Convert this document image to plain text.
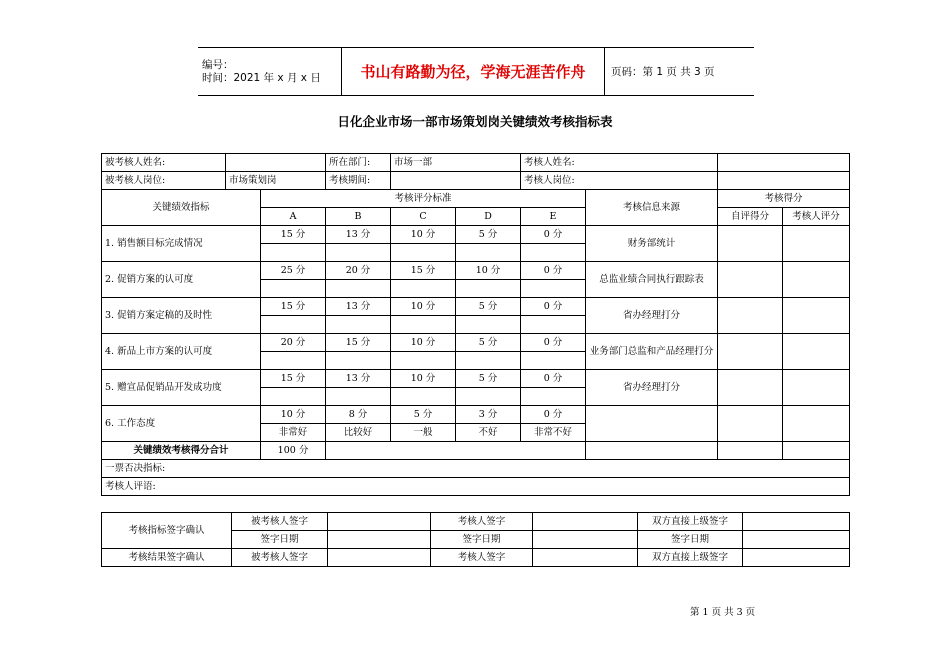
编号：
时间：2021 年 x 月 x 日	书山有路勤为径，学海无涯苦作舟	页码：第 1 页 共 3 页
日化企业市场一部市场策划岗关键绩效考核指标表
被考核人姓名:			所在部门:	市场一部		考核人姓名:			
被考核人岗位:	市场策划岗		考核期间:			考核人岗位:			
关键绩效指标		考核评分标准					考核信息来源	考核得分	
		A	B	C	D	E		自评得分	考核人评分
1. 销售额目标完成情况		15 分	13 分	10 分	5 分	0 分	财务部统计		

2. 促销方案的认可度		25 分	20 分	15 分	10 分	0 分	总监业绩合同执行跟踪表		

3. 促销方案定稿的及时性		15 分	13 分	10 分	5 分	0 分	省办经理打分		

4. 新品上市方案的认可度		20 分	15 分	10 分	5 分	0 分	业务部门总监和产品经理打分		

5. 赠宣品促销品开发成功度		15 分	13 分	10 分	5 分	0 分	省办经理打分		

6. 工作态度		10 分	8 分	5 分	3 分	0 分			
		非常好	比较好	一般	不好	非常不好			
关键绩效考核得分合计		100 分							
一票否决指标:									
考核人评语:									
考核指标签字确认	被考核人签字		考核人签字		双方直接上级签字	
	签字日期		签字日期		签字日期	
考核结果签字确认	被考核人签字		考核人签字		双方直接上级签字	
第 1 页 共 3 页
